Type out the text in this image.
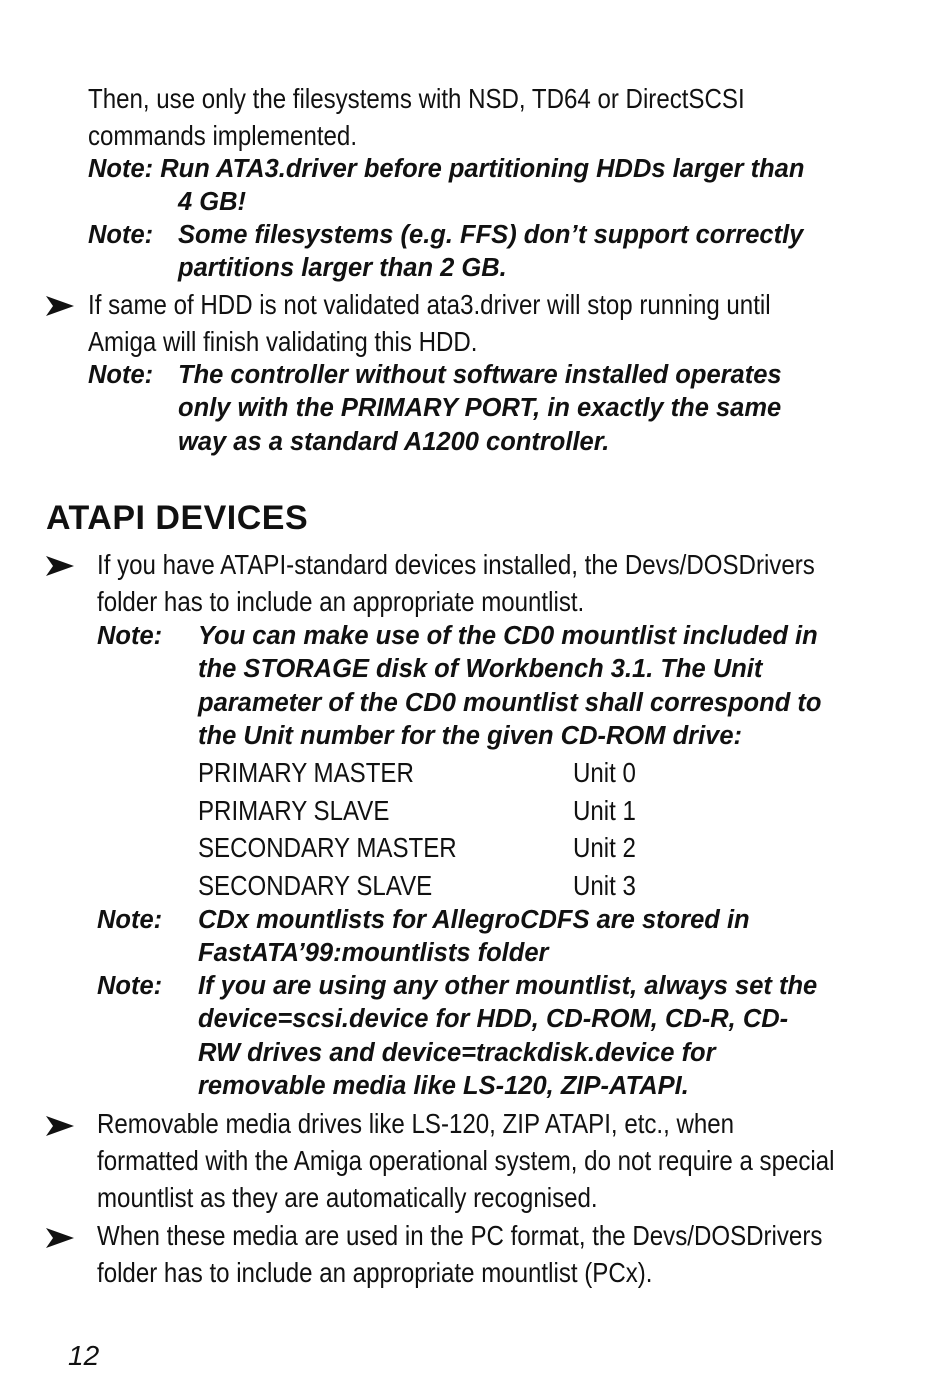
Then, use only the filesystems with NSD, TD64 or DirectSCSI
commands implemented.
Note: Run ATA3.driver before partitioning HDDs larger than
4 GB!
Note: Some filesystems (e.g. FFS) don’t support correctly
partitions larger than 2 GB.
If same of HDD is not validated ata3.driver will stop running until
Amiga will finish validating this HDD.
Note: The controller without software installed operates
only with the PRIMARY PORT, in exactly the same
way as a standard A1200 controller.
ATAPI DEVICES
If you have ATAPI-standard devices installed, the Devs/DOSDrivers
folder has to include an appropriate mountlist.
Note: You can make use of the CD0 mountlist included in
the STORAGE disk of Workbench 3.1. The Unit
parameter of the CD0 mountlist shall correspond to
the Unit number for the given CD-ROM drive:
PRIMARY MASTER	Unit 0
PRIMARY SLAVE	Unit 1
SECONDARY MASTER	Unit 2
SECONDARY SLAVE	Unit 3
Note: CDx mountlists for AllegroCDFS are stored in
FastATA’99:mountlists folder
Note: If you are using any other mountlist, always set the
device=scsi.device for HDD, CD-ROM, CD-R, CD-
RW drives and device=trackdisk.device for
removable media like LS-120, ZIP-ATAPI.
Removable media drives like LS-120, ZIP ATAPI, etc., when
formatted with the Amiga operational system, do not require a special
mountlist as they are automatically recognised.
When these media are used in the PC format, the Devs/DOSDrivers
folder has to include an appropriate mountlist (PCx).
12
